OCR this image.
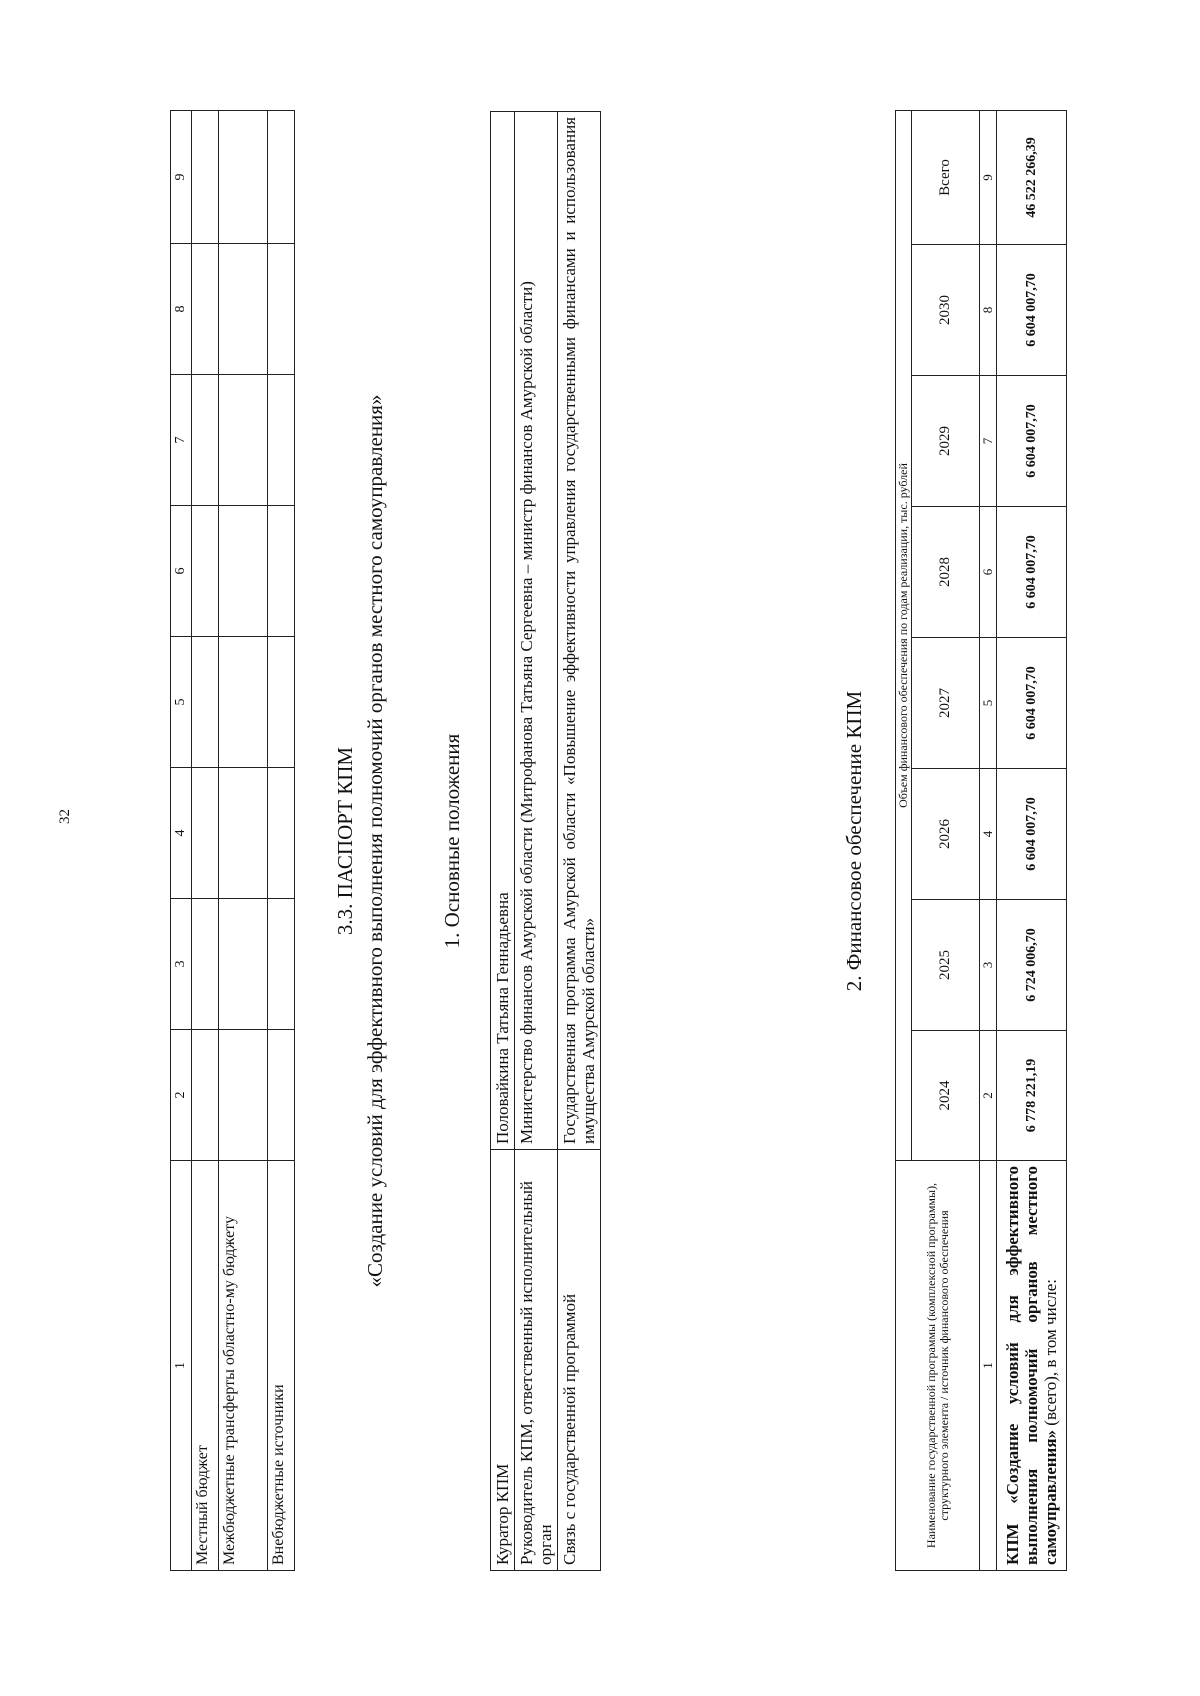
32
1	2	3	4	5	6	7	8	9
Местный бюджет								
Межбюджетные трансферты областно-му бюджету								
Внебюджетные источники								
3.3. ПАСПОРТ КПМ «Создание условий для эффективного выполнения полномочий органов местного самоуправления»	1. Основные положения
Куратор КПМ	Половайкина Татьяна Геннадьевна
Руководитель КПМ, ответственный исполнительный орган	Министерство финансов Амурской области (Митрофанова Татьяна Сергеевна – министр финансов Амурской области)
Связь с государственной программой	Государственная программа Амурской области «Повышение эффективности управления государственными финансами и использования имущества Амурской области»
2. Финансовое обеспечение КПМ
Наименование государственной программы (комплексной программы), структурного элемента / источник финансового обеспечения	Объем финансового обеспечения по годам реализации, тыс. рублей							
	2024	2025	2026	2027	2028	2029	2030	Всего
1	2	3	4	5	6	7	8	9
КПМ «Создание условий для эффективного выполнения полномочий органов местного самоуправления» (всего), в том числе:	6 778 221,19	6 724 006,70	6 604 007,70	6 604 007,70	6 604 007,70	6 604 007,70	6 604 007,70	46 522 266,39
